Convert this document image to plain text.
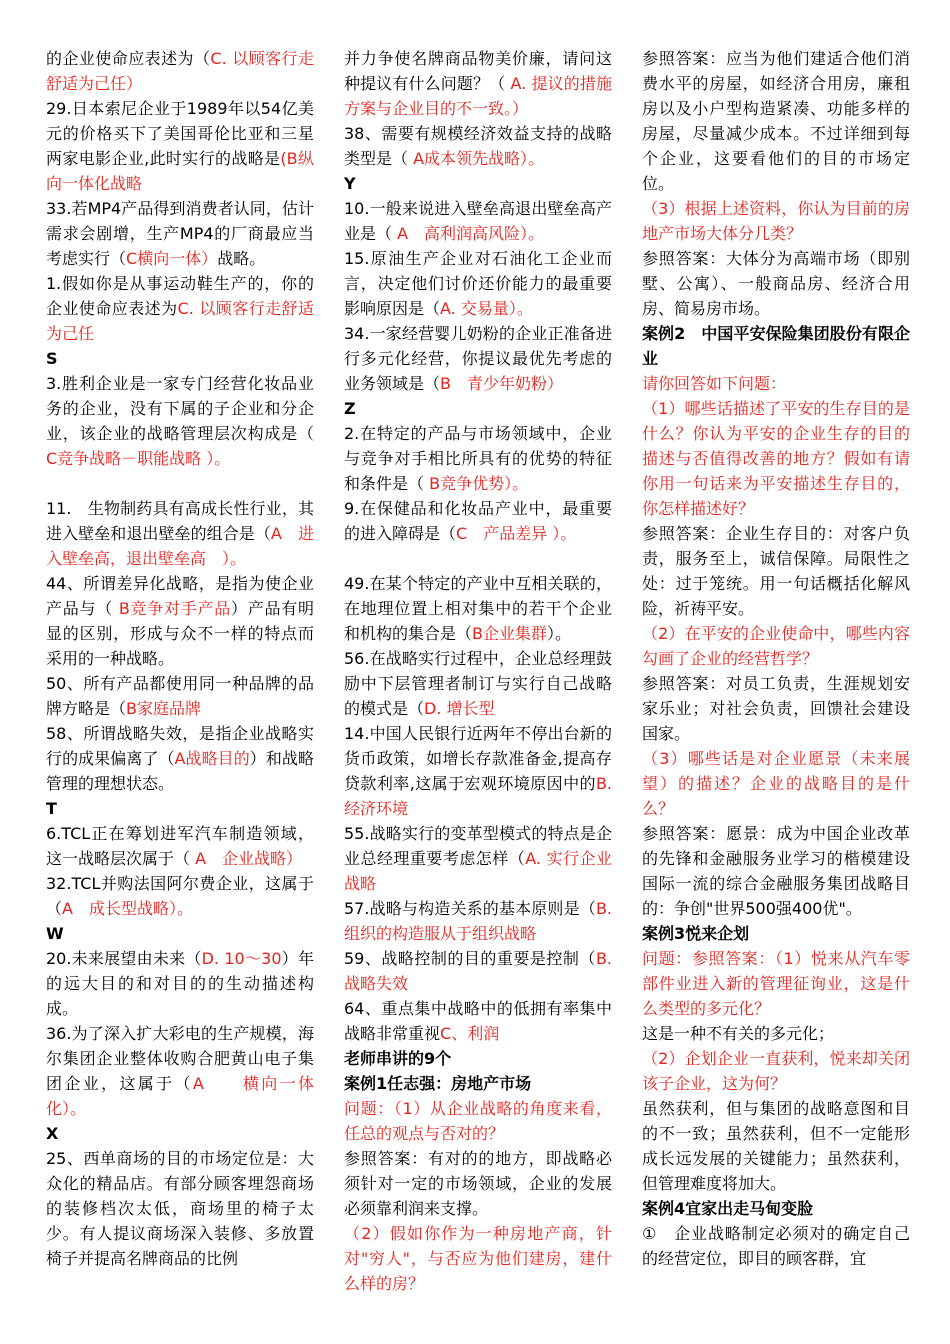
的企业使命应表述为（C. 以顾客行走舒适为己任）

29.日本索尼企业于1989年以54亿美元的价格买下了美国哥伦比亚和三星两家电影企业,此时实行的战略是(B纵向一体化战略

33.若MP4产品得到消费者认同，估计需求会剧增，生产MP4的厂商最应当考虑实行（C横向一体）战略。

1.假如你是从事运动鞋生产的，你的企业使命应表述为C. 以顾客行走舒适为己任

S

3.胜利企业是一家专门经营化妆品业务的企业，没有下属的子企业和分企业，该企业的战略管理层次构成是（ C竞争战略－职能战略 ）。

11.　生物制药具有高成长性行业，其进入壁垒和退出壁垒的组合是（A　进入壁垒高，退出壁垒高　）。

44、所谓差异化战略，是指为使企业产品与（ B竞争对手产品）产品有明显的区别，形成与众不一样的特点而采用的一种战略。

50、所有产品都使用同一种品牌的品牌方略是（B家庭品牌

58、所谓战略失效，是指企业战略实行的成果偏离了（A战略目的）和战略管理的理想状态。

T

6.TCL正在筹划进军汽车制造领域，这一战略层次属于（ A　企业战略）

32.TCL并购法国阿尔费企业，这属于（A　成长型战略）。

W

20.未来展望由未来（D. 10～30）年的远大目的和对目的的生动描述构成。

36.为了深入扩大彩电的生产规模，海尔集团企业整体收购合肥黄山电子集团企业，这属于（A　　横向一体化）。

X

25、西单商场的目的市场定位是：大众化的精品店。有部分顾客埋怨商场的装修档次太低，商场里的椅子太少。有人提议商场深入装修、多放置椅子并提高名牌商品的比例

并力争使名牌商品物美价廉，请问这种提议有什么问题？（ A. 提议的措施方案与企业目的不一致。）

38、需要有规模经济效益支持的战略类型是（ A成本领先战略）。

Y

10.一般来说进入壁垒高退出壁垒高产业是（ A　高利润高风险）。

15.原油生产企业对石油化工企业而言，决定他们讨价还价能力的最重要影响原因是（A. 交易量）。

34.一家经营婴儿奶粉的企业正准备进行多元化经营，你提议最优先考虑的业务领域是（B　青少年奶粉）

Z

2.在特定的产品与市场领域中，企业与竞争对手相比所具有的优势的特征和条件是（ B竞争优势）。

9.在保健品和化妆品产业中，最重要的进入障碍是（C　产品差异 ）。

49.在某个特定的产业中互相关联的，在地理位置上相对集中的若干个企业和机构的集合是（B企业集群）。

56.在战略实行过程中，企业总经理鼓励中下层管理者制订与实行自己战略的模式是（D. 增长型

14.中国人民银行近两年不停出台新的货币政策，如增长存款准备金,提高存贷款利率,这属于宏观环境原因中的B.经济环境

55.战略实行的变革型模式的特点是企业总经理重要考虑怎样（A. 实行企业战略

57.战略与构造关系的基本原则是（B. 组织的构造服从于组织战略

59、战略控制的目的重要是控制（B. 战略失效

64、重点集中战略中的低拥有率集中战略非常重视C、利润

老师串讲的9个

案例1任志强：房地产市场

问题：（1）从企业战略的角度来看，任总的观点与否对的？

参照答案：有对的的地方，即战略必须针对一定的市场领域，企业的发展必须靠利润来支撑。

（2）假如你作为一种房地产商，针对"穷人"，与否应为他们建房，建什么样的房？

参照答案：应当为他们建适合他们消费水平的房屋，如经济合用房，廉租房以及小户型构造紧凑、功能多样的房屋，尽量减少成本。不过详细到每个企业，这要看他们的目的市场定位。

（3）根据上述资料，你认为目前的房地产市场大体分几类？

参照答案：大体分为高端市场（即别墅、公寓）、一般商品房、经济合用房、简易房市场。

案例2　中国平安保险集团股份有限企业

请你回答如下问题：

（1）哪些话描述了平安的生存目的是什么？你认为平安的企业生存的目的描述与否值得改善的地方？假如有请你用一句话来为平安描述生存目的，你怎样描述好？

参照答案：企业生存目的：对客户负责，服务至上，诚信保障。局限性之处：过于笼统。用一句话概括化解风险，祈祷平安。

（2）在平安的企业使命中，哪些内容勾画了企业的经营哲学？

参照答案：对员工负责，生涯规划安家乐业；对社会负责，回馈社会建设国家。

（3）哪些话是对企业愿景（未来展望）的描述？企业的战略目的是什么？

参照答案：愿景：成为中国企业改革的先锋和金融服务业学习的楷模建设国际一流的综合金融服务集团战略目的：争创"世界500强400优"。

案例3悦来企划

问题：参照答案：（1）悦来从汽车零部件业进入新的管理征询业，这是什么类型的多元化？

这是一种不有关的多元化；

（2）企划企业一直获利，悦来却关闭该子企业，这为何？

虽然获利，但与集团的战略意图和目的不一致；虽然获利，但不一定能形成长远发展的关键能力；虽然获利，但管理难度将加大。

案例4宜家出走马甸变脸

①　企业战略制定必须对的确定自己的经营定位，即目的顾客群，宜
